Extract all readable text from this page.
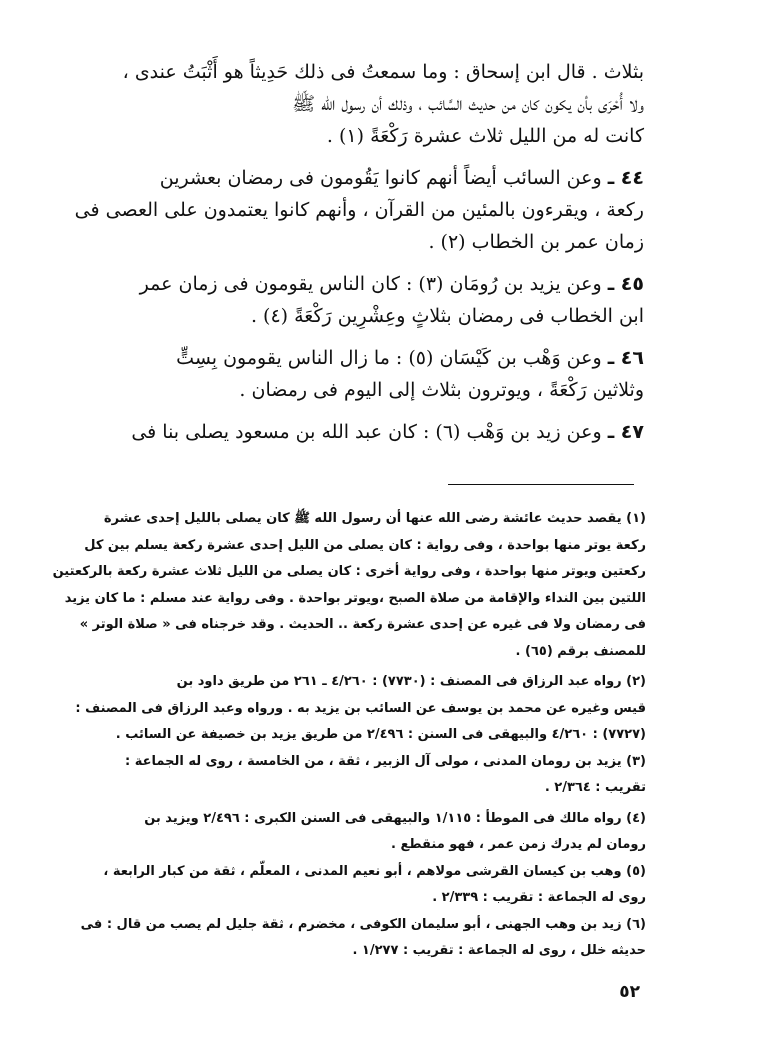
بثلاث . قال ابن إسحاق : وما سمعتُ فى ذلك حَدِيثاً هو أَثْبَتُ عندى ،
ولا أُحْرَى بأن يكون كان من حديث السَّائب ، وذلك أن رسول الله ﷺ
كانت له من الليل ثلاث عشرة رَكْعَةً (١) .
٤٤ ـ وعن السائب أيضاً أنهم كانوا يَقُومون فى رمضان بعشرين
ركعة ، ويقرءون بالمئين من القرآن ، وأنهم كانوا يعتمدون على العصى فى
زمان عمر بن الخطاب (٢) .
٤٥ ـ وعن يزيد بن رُومَان (٣) : كان الناس يقومون فى زمان عمر
ابن الخطاب فى رمضان بثلاثٍ وعِشْرِين رَكْعَةً (٤) .
٤٦ ـ وعن وَهْب بن كَيْسَان (٥) : ما زال الناس يقومون بِسِتٍّ
وثلاثين رَكْعَةً ، ويوترون بثلاث إلى اليوم فى رمضان .
٤٧ ـ وعن زيد بن وَهْب (٦) : كان عبد الله بن مسعود يصلى بنا فى
(١) يقصد حديث عائشة رضى الله عنها أن رسول الله ﷺ كان يصلى بالليل إحدى عشرة
ركعة يوتر منها بواحدة ، وفى رواية : كان يصلى من الليل إحدى عشرة ركعة يسلم بين كل
ركعتين ويوتر منها بواحدة ، وفى رواية أخرى : كان يصلى من الليل ثلاث عشرة ركعة بالركعتين
اللتين بين النداء والإقامة من صلاة الصبح ،ويوتر بواحدة . وفى رواية عند مسلم : ما كان يزيد
فى رمضان ولا فى غيره عن إحدى عشرة ركعة .. الحديث . وقد خرجناه فى « صلاة الوتر »
للمصنف برقم (٦٥) .
(٢) رواه عبد الرزاق فى المصنف : (٧٧٣٠) : ٤/٢٦٠ ـ ٢٦١ من طريق داود بن
قيس وغيره عن محمد بن يوسف عن السائب بن يزيد به . ورواه وعبد الرزاق فى المصنف :
(٧٧٢٧) : ٤/٢٦٠ والبيهقى فى السنن : ٢/٤٩٦ من طريق يزيد بن خصيفة عن السائب .
(٣) يزيد بن رومان المدنى ، مولى آل الزبير ، ثقة ، من الخامسة ، روى له الجماعة :
تقريب : ٢/٣٦٤ .
(٤) رواه مالك فى الموطأ : ١/١١٥ والبيهقى فى السنن الكبرى : ٢/٤٩٦ ويزيد بن
رومان لم يدرك زمن عمر ، فهو منقطع .
(٥) وهب بن كيسان القرشى مولاهم ، أبو نعيم المدنى ، المعلّم ، ثقة من كبار الرابعة ،
روى له الجماعة : تقريب : ٢/٣٣٩ .
(٦) زيد بن وهب الجهنى ، أبو سليمان الكوفى ، مخضرم ، ثقة جليل لم يصب من قال : فى
حديثه خلل ، روى له الجماعة : تقريب : ١/٢٧٧ .
٥٢
